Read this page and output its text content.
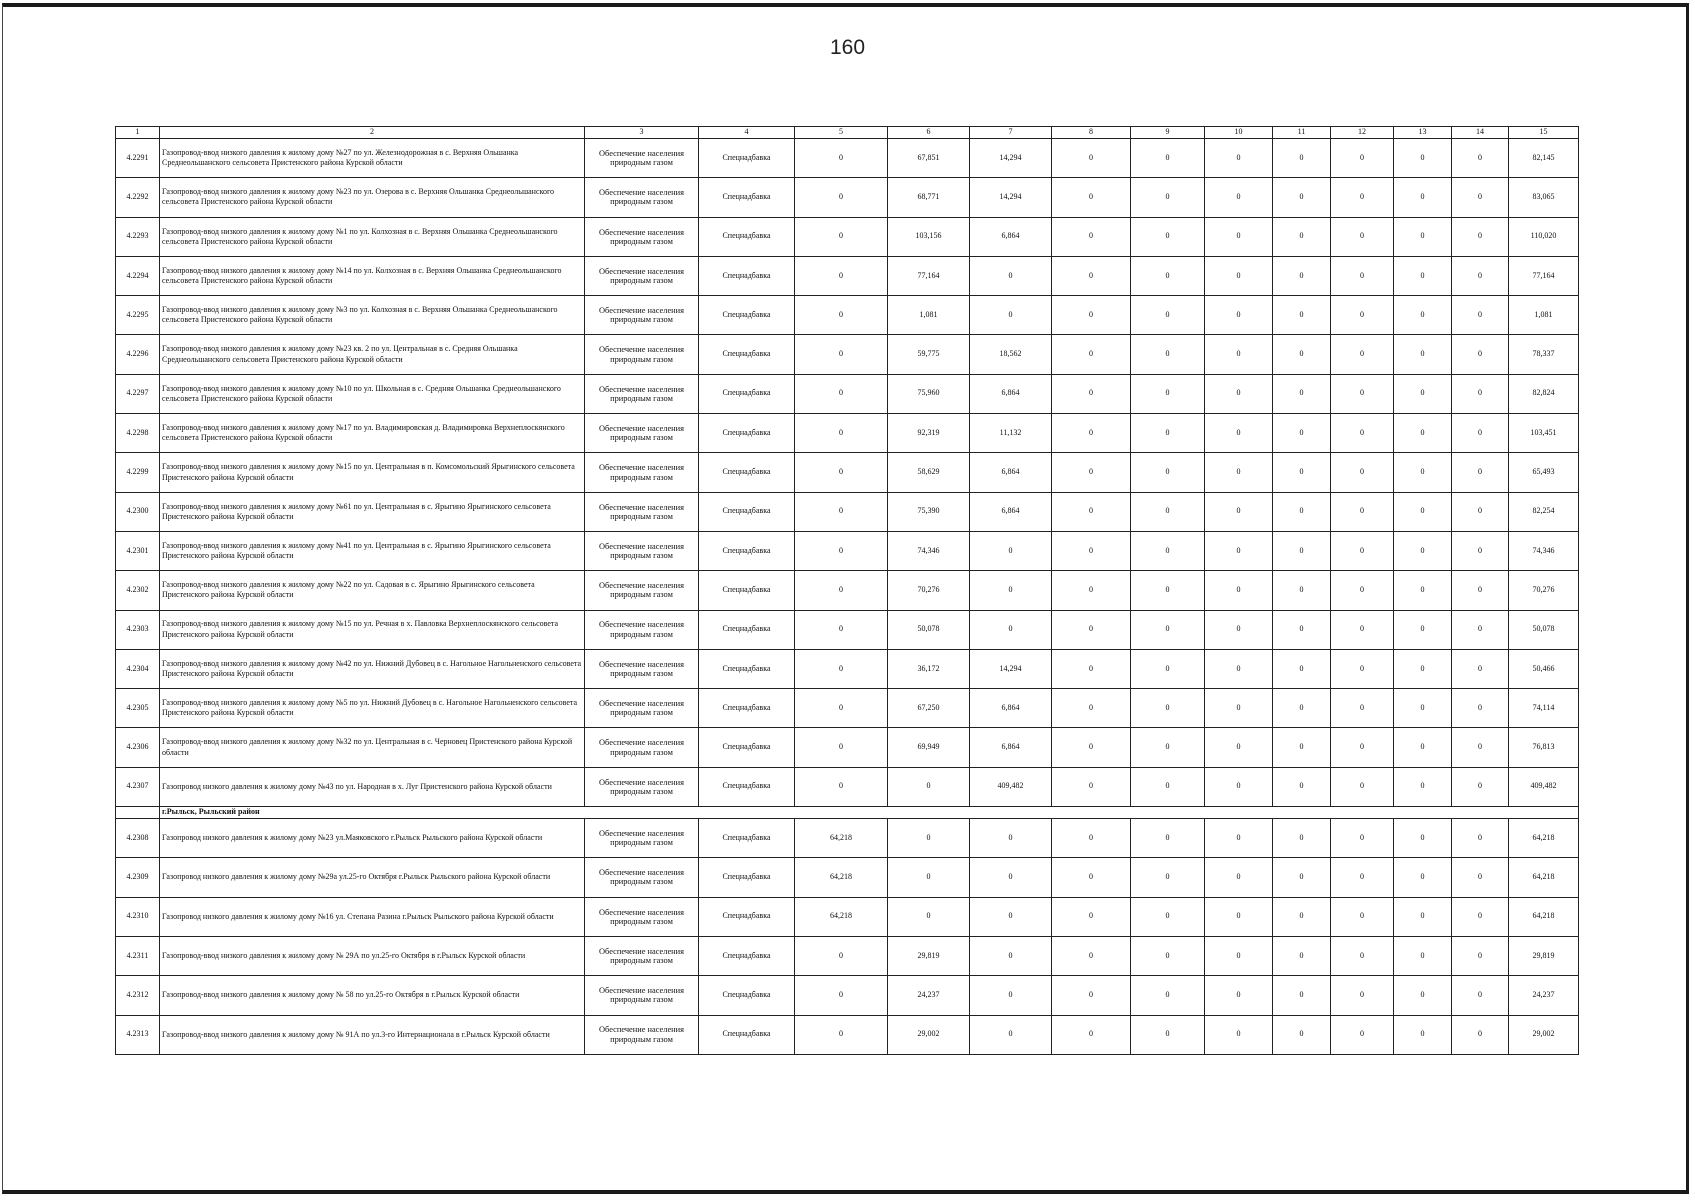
160
1	2	3	4	5	6	7	8	9	10	11	12	13	14	15
4.2291	Газопровод-ввод низкого давления к жилому дому №27 по ул. Железнодорожная в с. Верхняя Ольшанка Среднеольшанского сельсовета Пристенского района Курской области	Обеспечение населения природным газом	Спецнадбавка	0	67,851	14,294	0	0	0	0	0	0	0	82,145
4.2292	Газопровод-ввод низкого давления к жилому дому №23 по ул. Озерова в с. Верхняя Ольшанка Среднеольшанского сельсовета Пристенского района Курской области	Обеспечение населения природным газом	Спецнадбавка	0	68,771	14,294	0	0	0	0	0	0	0	83,065
4.2293	Газопровод-ввод низкого давления к жилому дому №1 по ул. Колхозная в с. Верхняя Ольшанка Среднеольшанского сельсовета Пристенского района Курской области	Обеспечение населения природным газом	Спецнадбавка	0	103,156	6,864	0	0	0	0	0	0	0	110,020
4.2294	Газопровод-ввод низкого давления к жилому дому №14 по ул. Колхозная в с. Верхняя Ольшанка Среднеольшанского сельсовета Пристенского района Курской области	Обеспечение населения природным газом	Спецнадбавка	0	77,164	0	0	0	0	0	0	0	0	77,164
4.2295	Газопровод-ввод низкого давления к жилому дому №3 по ул. Колхозная в с. Верхняя Ольшанка Среднеольшанского сельсовета Пристенского района Курской области	Обеспечение населения природным газом	Спецнадбавка	0	1,081	0	0	0	0	0	0	0	0	1,081
4.2296	Газопровод-ввод низкого давления к жилому дому №23 кв. 2 по ул. Центральная в с. Средняя Ольшанка Среднеольшанского сельсовета Пристенского района Курской области	Обеспечение населения природным газом	Спецнадбавка	0	59,775	18,562	0	0	0	0	0	0	0	78,337
4.2297	Газопровод-ввод низкого давления к жилому дому №10 по ул. Школьная в с. Средняя Ольшанка Среднеольшанского сельсовета Пристенского района Курской области	Обеспечение населения природным газом	Спецнадбавка	0	75,960	6,864	0	0	0	0	0	0	0	82,824
4.2298	Газопровод-ввод низкого давления к жилому дому №17 по ул. Владимировская д. Владимировка Верхнеплоскянского сельсовета Пристенского района Курской области	Обеспечение населения природным газом	Спецнадбавка	0	92,319	11,132	0	0	0	0	0	0	0	103,451
4.2299	Газопровод-ввод низкого давления к жилому дому №15 по ул. Центральная в п. Комсомольский Ярыгинского сельсовета Пристенского района Курской области	Обеспечение населения природным газом	Спецнадбавка	0	58,629	6,864	0	0	0	0	0	0	0	65,493
4.2300	Газопровод-ввод низкого давления к жилому дому №61 по ул. Центральная в с. Ярыгино Ярыгинского сельсовета Пристенского района Курской области	Обеспечение населения природным газом	Спецнадбавка	0	75,390	6,864	0	0	0	0	0	0	0	82,254
4.2301	Газопровод-ввод низкого давления к жилому дому №41 по ул. Центральная в с. Ярыгино Ярыгинского сельсовета Пристенского района Курской области	Обеспечение населения природным газом	Спецнадбавка	0	74,346	0	0	0	0	0	0	0	0	74,346
4.2302	Газопровод-ввод низкого давления к жилому дому №22 по ул. Садовая в с. Ярыгино Ярыгинского сельсовета Пристенского района Курской области	Обеспечение населения природным газом	Спецнадбавка	0	70,276	0	0	0	0	0	0	0	0	70,276
4.2303	Газопровод-ввод низкого давления к жилому дому №15 по ул. Речная в х. Павловка Верхнеплоскянского сельсовета Пристенского района Курской области	Обеспечение населения природным газом	Спецнадбавка	0	50,078	0	0	0	0	0	0	0	0	50,078
4.2304	Газопровод-ввод низкого давления к жилому дому №42 по ул. Нижний Дубовец в с. Нагольное Нагольненского сельсовета Пристенского района Курской области	Обеспечение населения природным газом	Спецнадбавка	0	36,172	14,294	0	0	0	0	0	0	0	50,466
4.2305	Газопровод-ввод низкого давления к жилому дому №5 по ул. Нижний Дубовец в с. Нагольное Нагольненского сельсовета Пристенского района Курской области	Обеспечение населения природным газом	Спецнадбавка	0	67,250	6,864	0	0	0	0	0	0	0	74,114
4.2306	Газопровод-ввод низкого давления к жилому дому №32 по ул. Центральная в с. Черновец Пристенского района Курской области	Обеспечение населения природным газом	Спецнадбавка	0	69,949	6,864	0	0	0	0	0	0	0	76,813
4.2307	Газопровод низкого давления к жилому дому №43 по ул. Народная в х. Луг Пристенского района Курской области	Обеспечение населения природным газом	Спецнадбавка	0	0	409,482	0	0	0	0	0	0	0	409,482
	г.Рыльск, Рыльский район													
4.2308	Газопровод низкого давления к жилому дому №23 ул.Маяковского г.Рыльск Рыльского района Курской области	Обеспечение населения природным газом	Спецнадбавка	64,218	0	0	0	0	0	0	0	0	0	64,218
4.2309	Газопровод низкого давления к жилому дому №29а ул.25-го Октября г.Рыльск Рыльского района Курской области	Обеспечение населения природным газом	Спецнадбавка	64,218	0	0	0	0	0	0	0	0	0	64,218
4.2310	Газопровод низкого давления к жилому дому №16 ул. Степана Разина г.Рыльск Рыльского района Курской области	Обеспечение населения природным газом	Спецнадбавка	64,218	0	0	0	0	0	0	0	0	0	64,218
4.2311	Газопровод-ввод низкого давления к жилому дому № 29А по ул.25-го Октября в г.Рыльск Курской области	Обеспечение населения природным газом	Спецнадбавка	0	29,819	0	0	0	0	0	0	0	0	29,819
4.2312	Газопровод-ввод низкого давления к жилому дому № 58 по ул.25-го Октября в г.Рыльск Курской области	Обеспечение населения природным газом	Спецнадбавка	0	24,237	0	0	0	0	0	0	0	0	24,237
4.2313	Газопровод-ввод низкого давления к жилому дому № 91А по ул.3-го Интернационала в г.Рыльск Курской области	Обеспечение населения природным газом	Спецнадбавка	0	29,002	0	0	0	0	0	0	0	0	29,002
